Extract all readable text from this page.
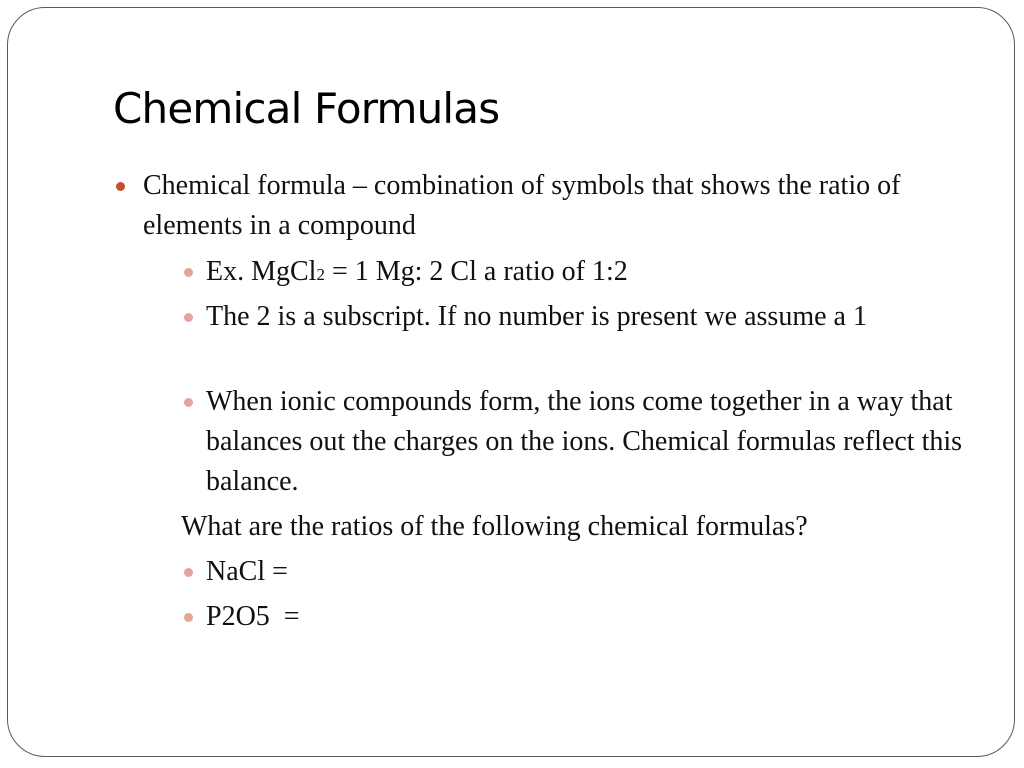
Chemical Formulas
Chemical formula – combination of symbols that shows the ratio of elements in a compound
Ex. MgCl2 = 1 Mg: 2 Cl a ratio of 1:2
The 2 is a subscript. If no number is present we assume a 1
When ionic compounds form, the ions come together in a way that balances out the charges on the ions. Chemical formulas reflect this balance.
What are the ratios of the following chemical formulas?
NaCl =
P2O5  =
